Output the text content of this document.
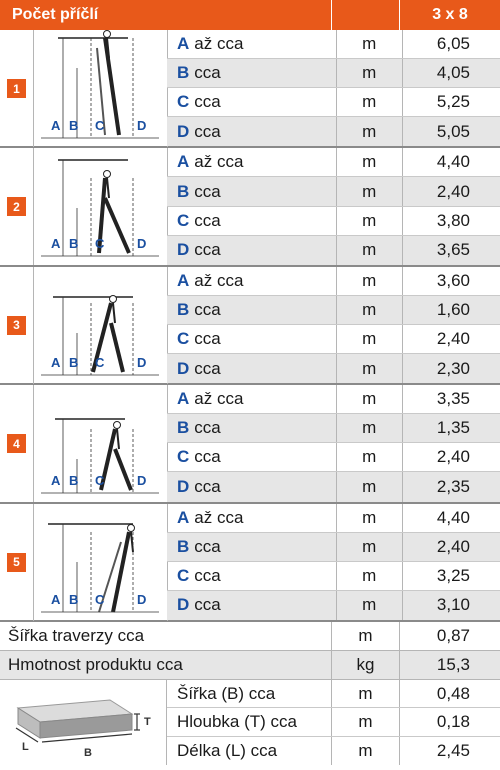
Počet příčlí	3 x 8
1
A B C	D
A až cca	m	6,05
B cca	m	4,05
C cca	m	5,25
D cca	m	5,05
2
A B C	D
A až cca	m	4,40
B cca	m	2,40
C cca	m	3,80
D cca	m	3,65
3
A B C	D
A až cca	m	3,60
B cca	m	1,60
C cca	m	2,40
D cca	m	2,30
4
A B C	D
A až cca	m	3,35
B cca	m	1,35
C cca	m	2,40
D cca	m	2,35
5
A B C	D
A až cca	m	4,40
B cca	m	2,40
C cca	m	3,25
D cca	m	3,10
Šířka traverzy cca	m	0,87
Hmotnost produktu cca	kg	15,3
T
L	B
Šířka (B) cca	m	0,48
Hloubka (T) cca	m	0,18
Délka (L) cca	m	2,45
